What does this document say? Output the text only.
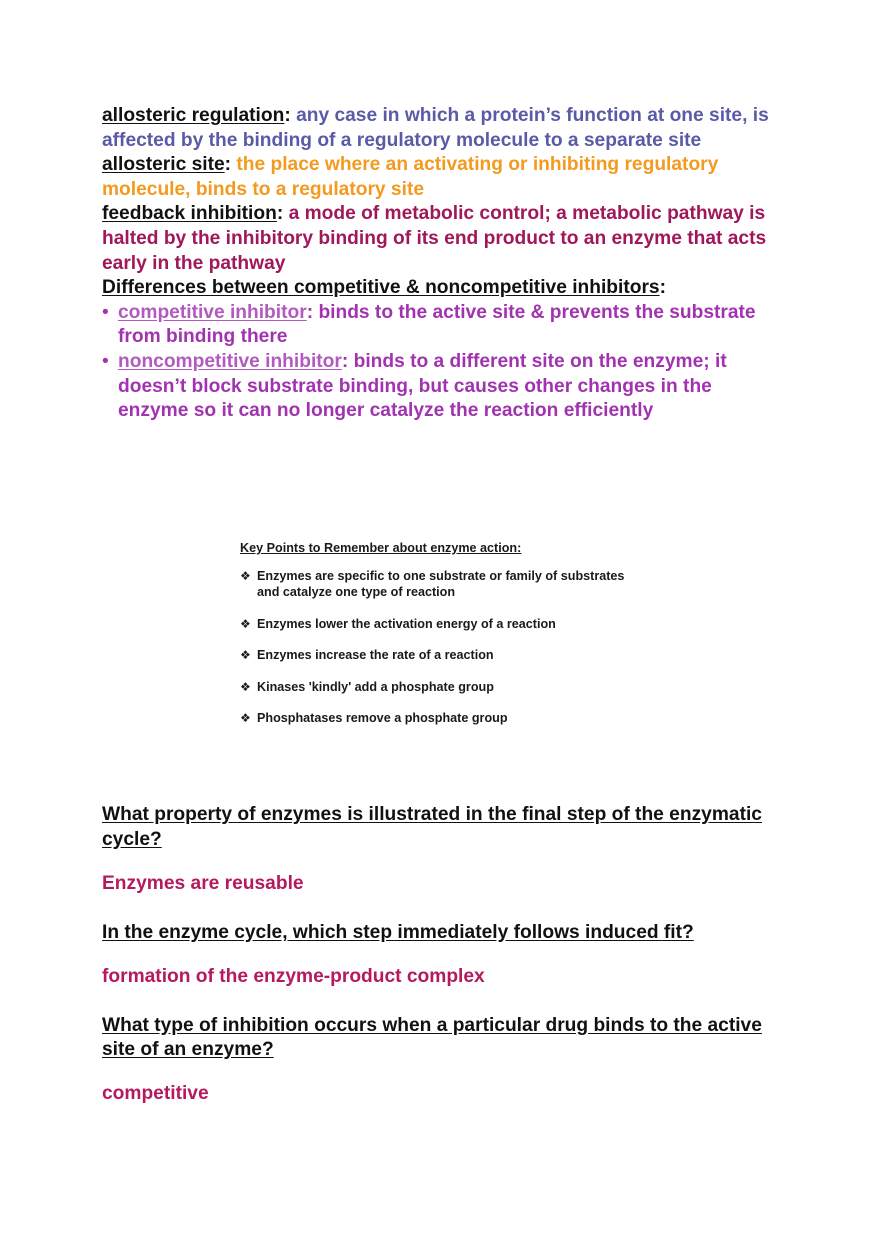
allosteric regulation: any case in which a protein’s function at one site, is affected by the binding of a regulatory molecule to a separate site

allosteric site: the place where an activating or inhibiting regulatory molecule, binds to a regulatory site

feedback inhibition: a mode of metabolic control; a metabolic pathway is halted by the inhibitory binding of its end product to an enzyme that acts early in the pathway

Differences between competitive & noncompetitive inhibitors:

• competitive inhibitor: binds to the active site & prevents the substrate from binding there
• noncompetitive inhibitor: binds to a different site on the enzyme; it doesn’t block substrate binding, but causes other changes in the enzyme so it can no longer catalyze the reaction efficiently

Key Points to Remember about enzyme action:

❖ Enzymes are specific to one substrate or family of substrates and catalyze one type of reaction
❖ Enzymes lower the activation energy of a reaction
❖ Enzymes increase the rate of a reaction
❖ Kinases 'kindly' add a phosphate group
❖ Phosphatases remove a phosphate group

What property of enzymes is illustrated in the final step of the enzymatic cycle?

Enzymes are reusable

In the enzyme cycle, which step immediately follows induced fit?

formation of the enzyme-product complex

What type of inhibition occurs when a particular drug binds to the active site of an enzyme?

competitive
